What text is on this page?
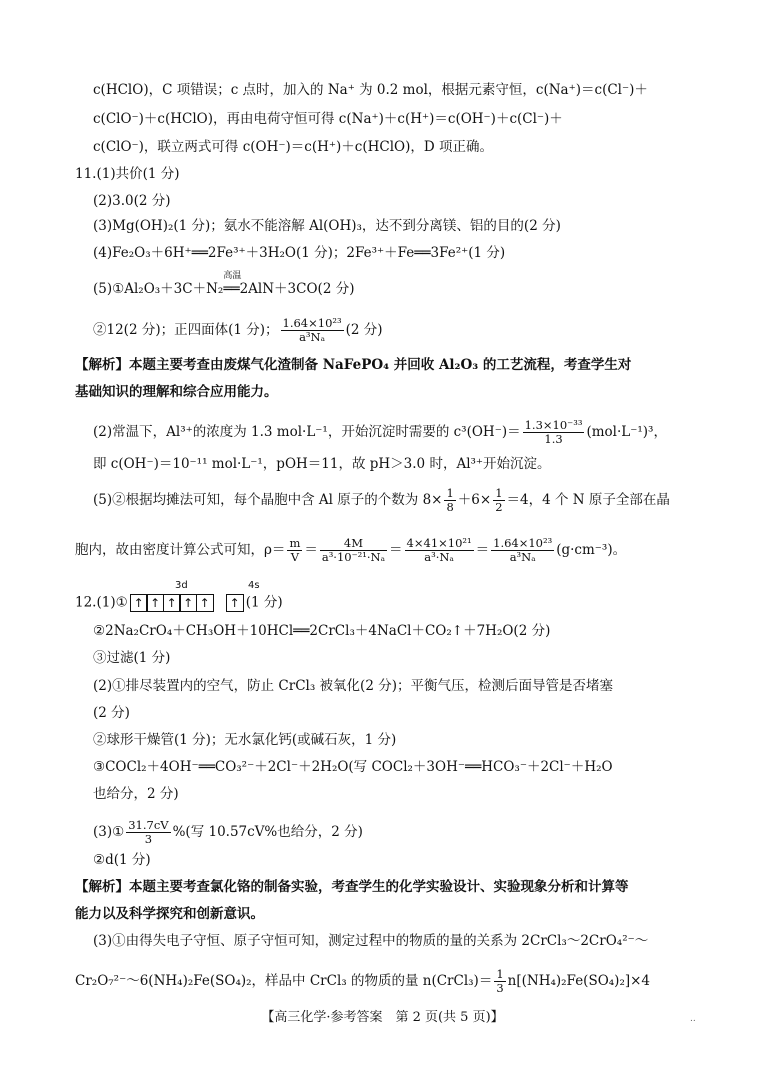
c(HClO)，C 项错误；c 点时，加入的 Na⁺ 为 0.2 mol，根据元素守恒，c(Na⁺)＝c(Cl⁻)＋
c(ClO⁻)＋c(HClO)，再由电荷守恒可得 c(Na⁺)＋c(H⁺)＝c(OH⁻)＋c(Cl⁻)＋
c(ClO⁻)，联立两式可得 c(OH⁻)＝c(H⁺)＋c(HClO)，D 项正确。
11.(1)共价(1 分)
(2)3.0(2 分)
(3)Mg(OH)₂(1 分)；氨水不能溶解 Al(OH)₃，达不到分离镁、铝的目的(2 分)
(4)Fe₂O₃＋6H⁺══2Fe³⁺＋3H₂O(1 分)；2Fe³⁺＋Fe══3Fe²⁺(1 分)
(5)①Al₂O₃＋3C＋N₂
高温
══2AlN＋3CO(2 分)
②12(2 分)；正四面体(1 分)； $\frac{\text{1.64×10²³}}{\text{a³Nₐ}} (2$ 分)
【解析】本题主要考查由废煤气化渣制备 NaFePO₄ 并回收 Al₂O₃ 的工艺流程，考查学生对
基础知识的理解和综合应用能力。
(2)常温下，Al³⁺的浓度为 1.3 mol·L⁻¹，开始沉淀时需要的 $c^3(OH^-)= \frac{\text{1.3×10⁻³³}}{1.3} (mol\cdot L^{-1})^3$，
即 c(OH⁻)＝10⁻¹¹ mol·L⁻¹，pOH＝11，故 pH＞3.0 时，Al³⁺开始沉淀。
(5)②根据均摊法可知，每个晶胞中含 Al 原子的个数为 $8\times \frac{1}{8} +6\times \frac{1}{2} =4$，4 个 N 原子全部在晶
胞内，故由密度计算公式可知，$\rho= \frac{m}{V} = \frac{4M}{\text{a³·10⁻²¹·Nₐ}} = \frac{\text{4×41×10²¹}}{\text{a³·Nₐ}} = \frac{\text{1.64×10²³}}{\text{a³Nₐ}} (g\cdot cm^{-3})$。
3d	4s
12.(1)① ↑ ↑ ↑ ↑ ↑	↑ (1 分)
②2Na₂CrO₄＋CH₃OH＋10HCl══2CrCl₃＋4NaCl＋CO₂↑＋7H₂O(2 分)
③过滤(1 分)
(2)①排尽装置内的空气，防止 CrCl₃ 被氧化(2 分)；平衡气压，检测后面导管是否堵塞
(2 分)
②球形干燥管(1 分)；无水氯化钙(或碱石灰，1 分)
③COCl₂＋4OH⁻══CO₃²⁻＋2Cl⁻＋2H₂O(写 COCl₂＋3OH⁻══HCO₃⁻＋2Cl⁻＋H₂O
也给分，2 分)
(3)① $\frac{31.7cV}{3}$ %(写 10.57cV%也给分，2 分)
②d(1 分)
【解析】本题主要考查氯化铬的制备实验，考查学生的化学实验设计、实验现象分析和计算等
能力以及科学探究和创新意识。
(3)①由得失电子守恒、原子守恒可知，测定过程中的物质的量的关系为 2CrCl₃～2CrO₄²⁻～
Cr₂O₇²⁻～6(NH₄)₂Fe(SO₄)₂，样品中 CrCl₃ 的物质的量 n(CrCl₃)＝ $\frac{1}{3} n[(NH_4)_2Fe(SO_4)_2]\times 4$
【高三化学·参考答案　第 2 页(共 5 页)】	..
